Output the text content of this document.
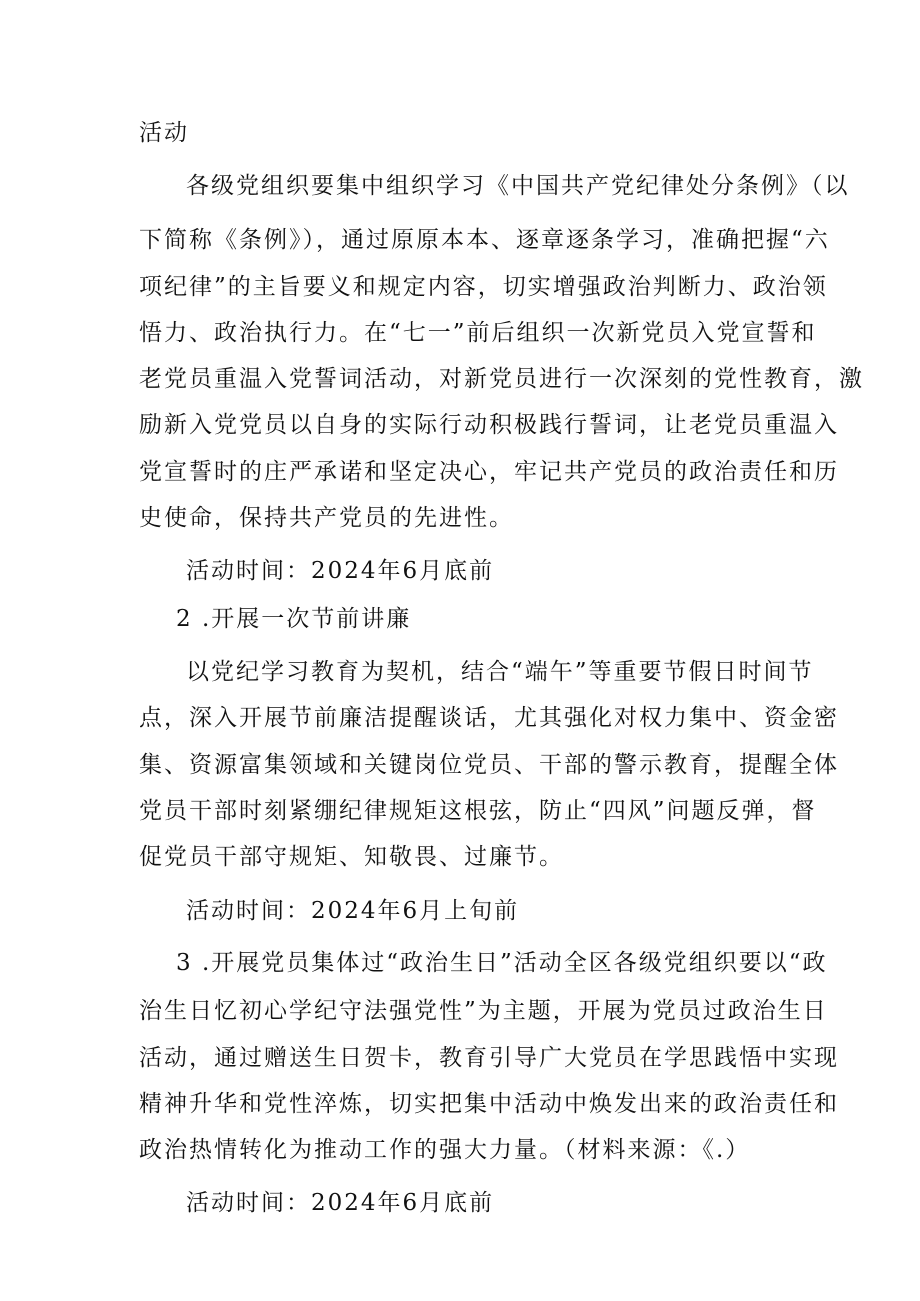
活动
各级党组织要集中组织学习《中国共产党纪律处分条例》（以
下简称《条例》），通过原原本本、逐章逐条学习，准确把握“六
项纪律”的主旨要义和规定内容，切实增强政治判断力、政治领
悟力、政治执行力。在“七一”前后组织一次新党员入党宣誓和
老党员重温入党誓词活动，对新党员进行一次深刻的党性教育，激
励新入党党员以自身的实际行动积极践行誓词，让老党员重温入
党宣誓时的庄严承诺和坚定决心，牢记共产党员的政治责任和历
史使命，保持共产党员的先进性。
活动时间：2024年6月底前
2 .开展一次节前讲廉
以党纪学习教育为契机，结合“端午”等重要节假日时间节
点，深入开展节前廉洁提醒谈话，尤其强化对权力集中、资金密
集、资源富集领域和关键岗位党员、干部的警示教育，提醒全体
党员干部时刻紧绷纪律规矩这根弦，防止“四风”问题反弹，督
促党员干部守规矩、知敬畏、过廉节。
活动时间：2024年6月上旬前
3 .开展党员集体过“政治生日”活动全区各级党组织要以“政
治生日忆初心学纪守法强党性”为主题，开展为党员过政治生日
活动，通过赠送生日贺卡，教育引导广大党员在学思践悟中实现
精神升华和党性淬炼，切实把集中活动中焕发出来的政治责任和
政治热情转化为推动工作的强大力量。（材料来源：《.）
活动时间：2024年6月底前
